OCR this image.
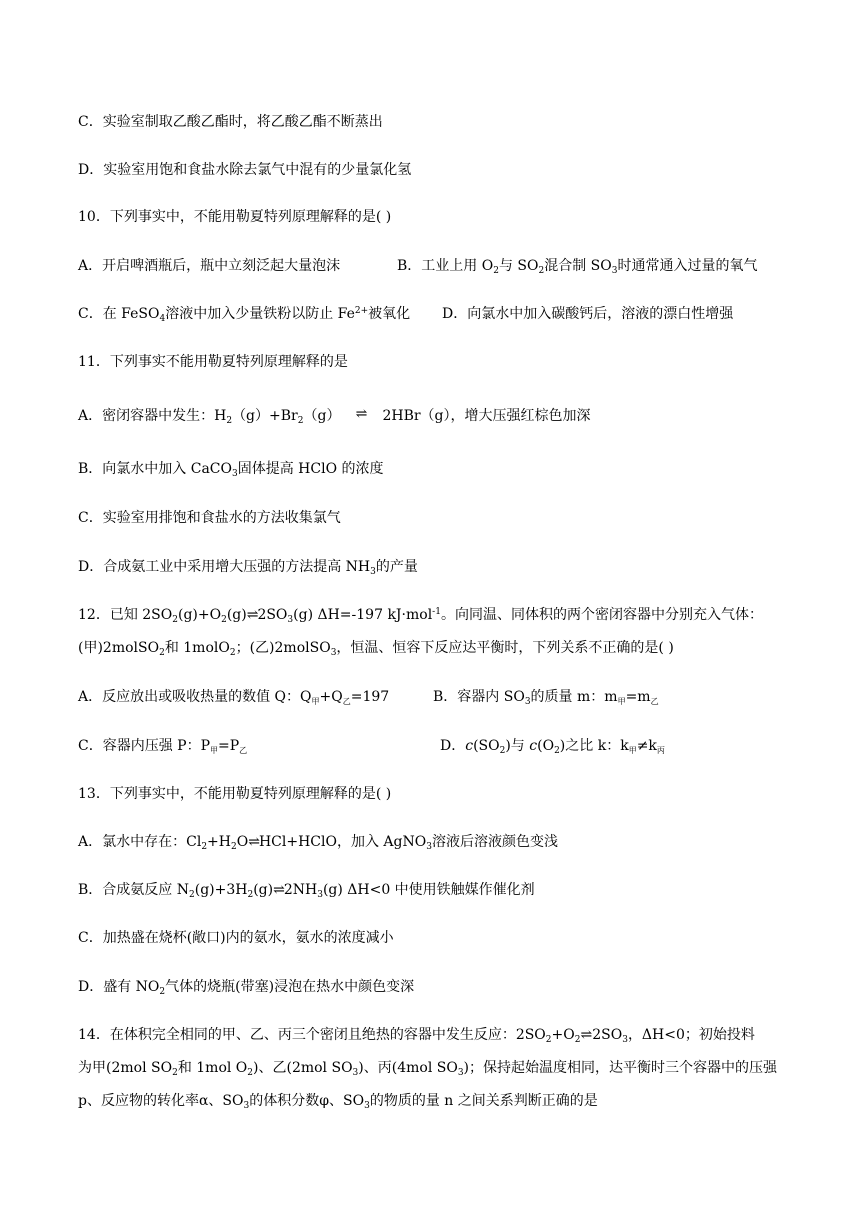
C．实验室制取乙酸乙酯时，将乙酸乙酯不断蒸出
D．实验室用饱和食盐水除去氯气中混有的少量氯化氢
10．下列事实中，不能用勒夏特列原理解释的是( )
A．开启啤酒瓶后，瓶中立刻泛起大量泡沫	B．工业上用 $O_2$与 $SO_2$混合制 $SO_3$时通常通入过量的氧气
C．在 FeSO$_4$溶液中加入少量铁粉以防止 $Fe^{2+}$被氧化 D．向氯水中加入碳酸钙后，溶液的漂白性增强
11．下列事实不能用勒夏特列原理解释的是
A．密闭容器中发生：$H_2(g)+Br_2(g)$ ⇌ 2HBr（g），增大压强红棕色加深
B．向氯水中加入 CaCO$_3$固体提高 HClO 的浓度
C．实验室用排饱和食盐水的方法收集氯气
D．合成氨工业中采用增大压强的方法提高 $NH_3$的产量
12．已知 $2SO_2(g)+O_2(g)\rightleftharpoons 2SO_3(g)$ ΔH=-197 kJ·mol$^{-1}$。向同温、同体积的两个密闭容器中分别充入气体：
(甲)2molSO$_2$和 1molO$_2$；(乙)2molSO$_3$，恒温、恒容下反应达平衡时，下列关系不正确的是( )
A．反应放出或吸收热量的数值 Q：$Q_甲+Q_乙=197$	B．容器内 $SO_3$的质量 m：$m_甲=m_乙$
C．容器内压强 P：$P_甲=P_乙$	D．$c(SO_2)$与 $c(O_2)$之比 k：$k_甲\ne k_丙$
13．下列事实中，不能用勒夏特列原理解释的是( )
A．氯水中存在：$Cl_2+H_2O\rightleftharpoons HCl+HClO$，加入 AgNO$_3$溶液后溶液颜色变浅
B．合成氨反应 $N_2(g)+3H_2(g)\rightleftharpoons 2NH_3(g)$ ΔH<0 中使用铁触媒作催化剂
C．加热盛在烧杯(敞口)内的氨水，氨水的浓度减小
D．盛有 $NO_2$气体的烧瓶(带塞)浸泡在热水中颜色变深
14．在体积完全相同的甲、乙、丙三个密闭且绝热的容器中发生反应：$2SO_2+O_2\rightleftharpoons 2SO_3$，ΔH<0；初始投料
为甲(2mol $SO_2$和 1mol $O_2$)、乙(2mol $SO_3$)、丙(4mol $SO_3$)；保持起始温度相同，达平衡时三个容器中的压强
p、反应物的转化率α、$SO_3$的体积分数φ、$SO_3$的物质的量 n 之间关系判断正确的是
